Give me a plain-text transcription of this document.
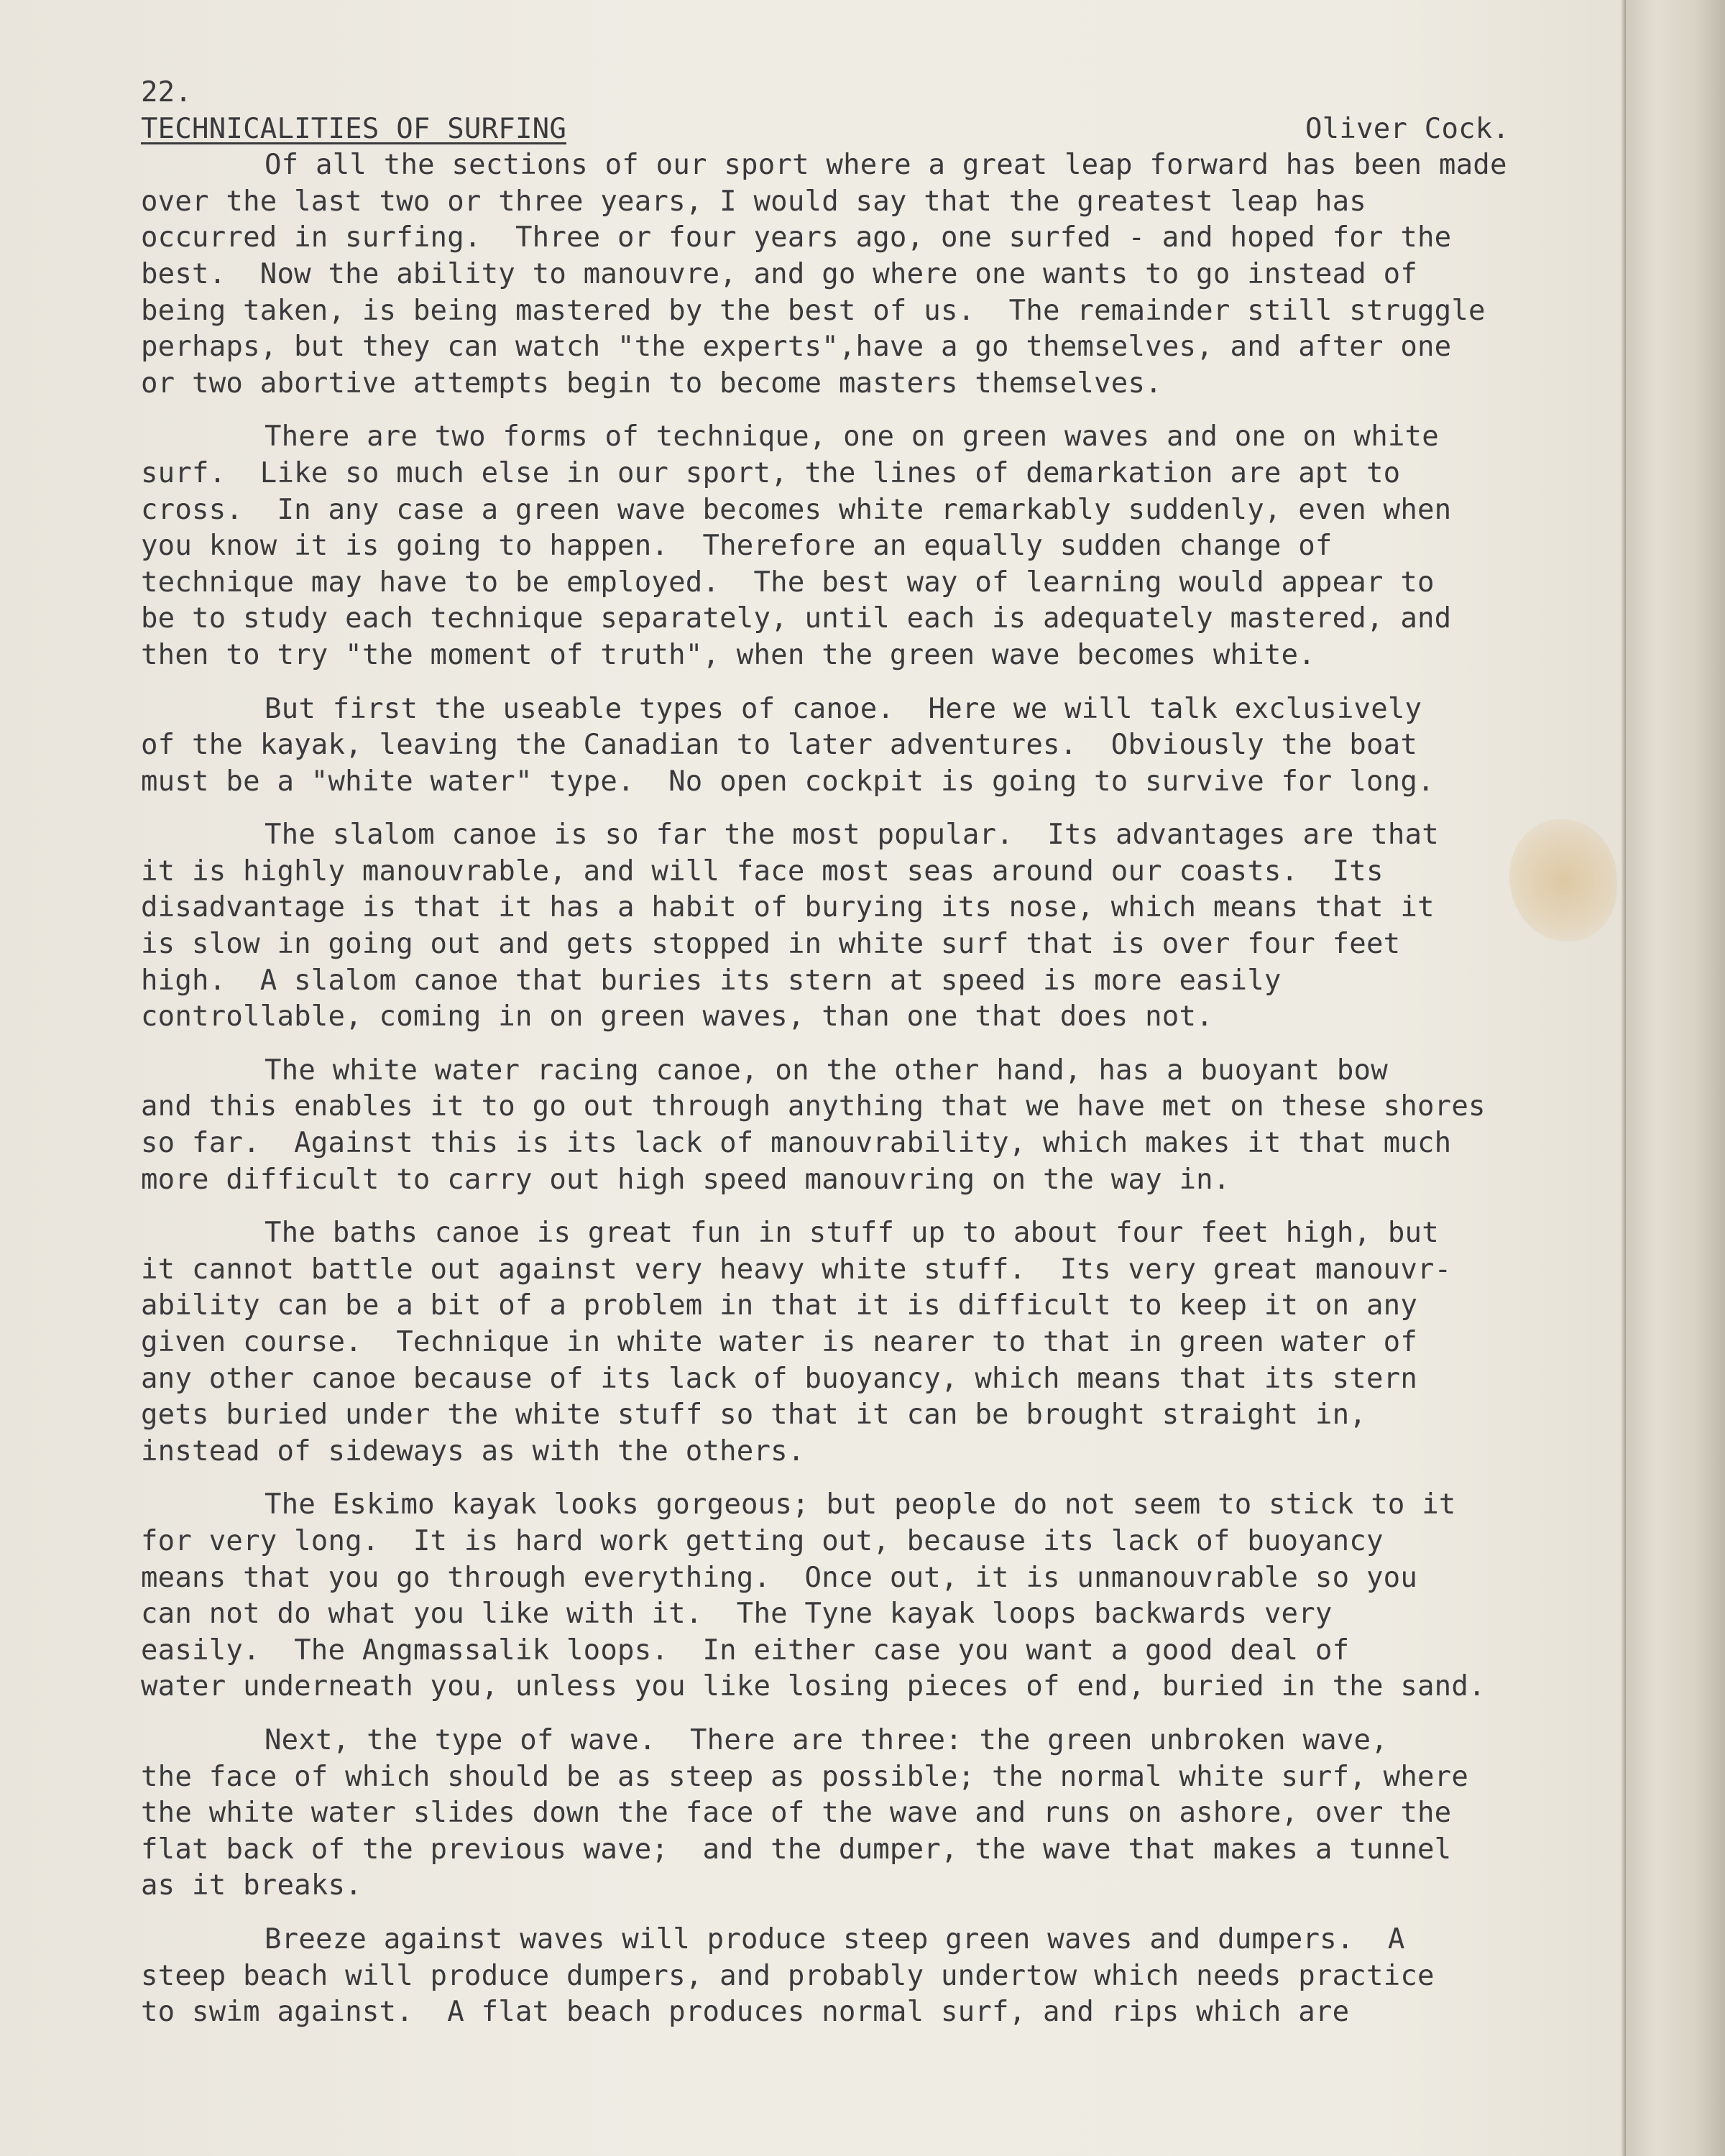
22.
TECHNICALITIES OF SURFING	Oliver Cock.
Of all the sections of our sport where a great leap forward has been made
over the last two or three years, I would say that the greatest leap has
occurred in surfing.  Three or four years ago, one surfed - and hoped for the
best.  Now the ability to manouvre, and go where one wants to go instead of
being taken, is being mastered by the best of us.  The remainder still struggle
perhaps, but they can watch "the experts",have a go themselves, and after one
or two abortive attempts begin to become masters themselves.
There are two forms of technique, one on green waves and one on white
surf.  Like so much else in our sport, the lines of demarkation are apt to
cross.  In any case a green wave becomes white remarkably suddenly, even when
you know it is going to happen.  Therefore an equally sudden change of
technique may have to be employed.  The best way of learning would appear to
be to study each technique separately, until each is adequately mastered, and
then to try "the moment of truth", when the green wave becomes white.
But first the useable types of canoe.  Here we will talk exclusively
of the kayak, leaving the Canadian to later adventures.  Obviously the boat
must be a "white water" type.  No open cockpit is going to survive for long.
The slalom canoe is so far the most popular.  Its advantages are that
it is highly manouvrable, and will face most seas around our coasts.  Its
disadvantage is that it has a habit of burying its nose, which means that it
is slow in going out and gets stopped in white surf that is over four feet
high.  A slalom canoe that buries its stern at speed is more easily
controllable, coming in on green waves, than one that does not.
The white water racing canoe, on the other hand, has a buoyant bow
and this enables it to go out through anything that we have met on these shores
so far.  Against this is its lack of manouvrability, which makes it that much
more difficult to carry out high speed manouvring on the way in.
The baths canoe is great fun in stuff up to about four feet high, but
it cannot battle out against very heavy white stuff.  Its very great manouvr-
ability can be a bit of a problem in that it is difficult to keep it on any
given course.  Technique in white water is nearer to that in green water of
any other canoe because of its lack of buoyancy, which means that its stern
gets buried under the white stuff so that it can be brought straight in,
instead of sideways as with the others.
The Eskimo kayak looks gorgeous; but people do not seem to stick to it
for very long.  It is hard work getting out, because its lack of buoyancy
means that you go through everything.  Once out, it is unmanouvrable so you
can not do what you like with it.  The Tyne kayak loops backwards very
easily.  The Angmassalik loops.  In either case you want a good deal of
water underneath you, unless you like losing pieces of end, buried in the sand.
Next, the type of wave.  There are three: the green unbroken wave,
the face of which should be as steep as possible; the normal white surf, where
the white water slides down the face of the wave and runs on ashore, over the
flat back of the previous wave;  and the dumper, the wave that makes a tunnel
as it breaks.
Breeze against waves will produce steep green waves and dumpers.  A
steep beach will produce dumpers, and probably undertow which needs practice
to swim against.  A flat beach produces normal surf, and rips which are
